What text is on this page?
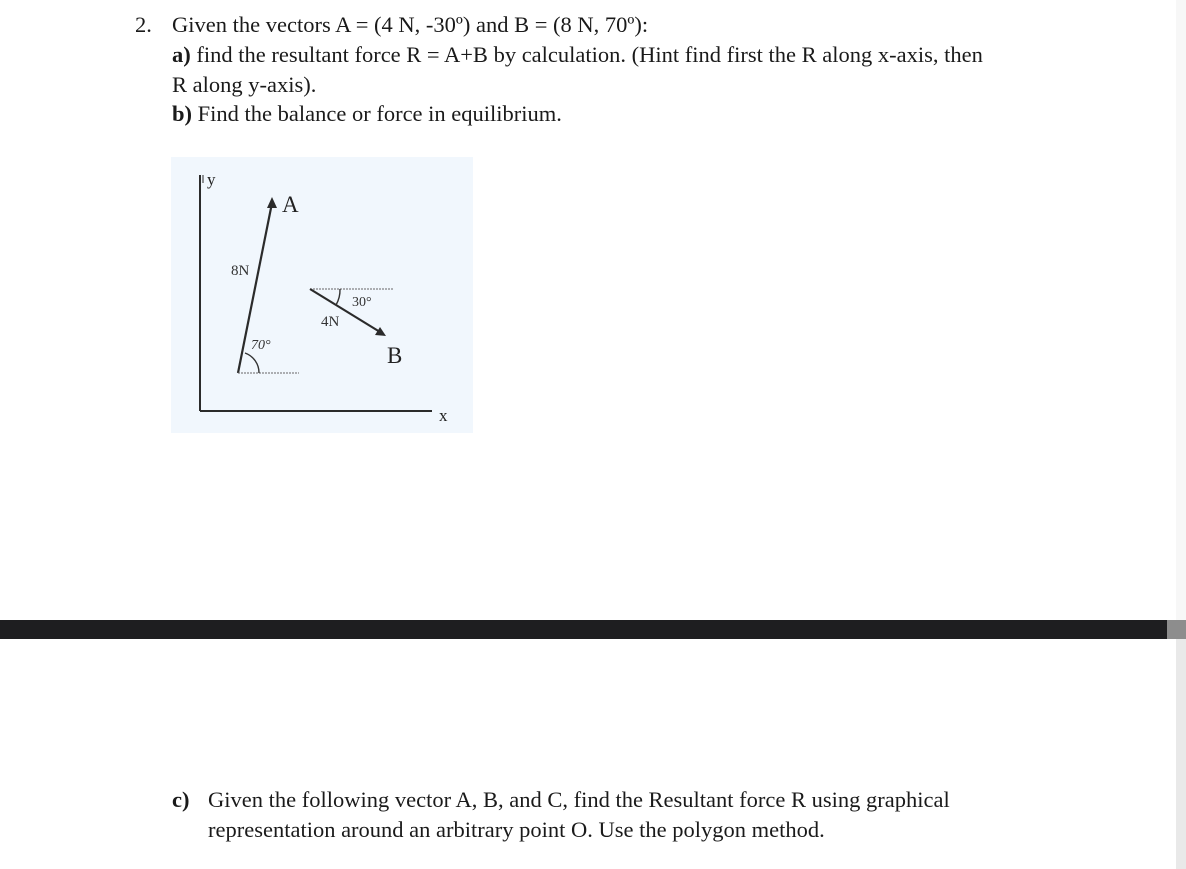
2. Given the vectors A = (4 N, -30º) and B = (8 N, 70º):
a) find the resultant force R = A+B by calculation. (Hint find first the R along x-axis, then
R along y-axis).
b) Find the balance or force in equilibrium.
y
x
A
8N
70°
30°
4N
B
c) Given the following vector A, B, and C, find the Resultant force R using graphical
representation around an arbitrary point O. Use the polygon method.
